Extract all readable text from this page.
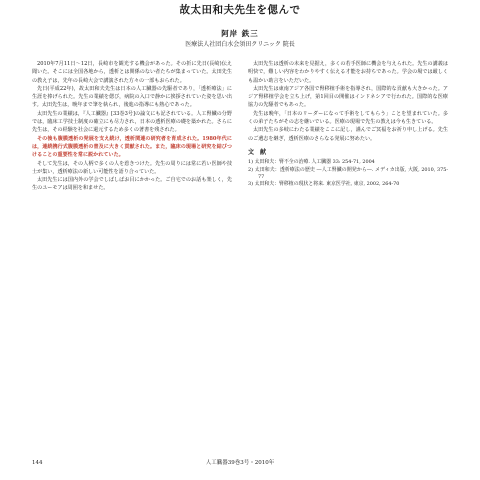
故太田和夫先生を偲んで
阿岸 鉄三
医療法人社団白水会須田クリニック 院長

2010年7月11日〜12日，長崎市を観光する機会があった。その折に先日(長崎)伝え聞いた。そこには全国各地から，透析とは関係のない者たちが集まっていた。太田先生の教え子は，先年の長崎大会で講演された方々の一部もおられた。

先日(平成22年)，故太田和夫先生は日本の人工臓器の先駆者であり，「透析療法」に生涯を捧げられた。先生の業績を偲び，病院の入口で静かに挨拶されていた姿を思い出す。太田先生は，晩年まで筆を執られ，後進の指導にも熱心であった。

太田先生の業績は，『人工臓器』[33巻3号]の論文にも記されている。人工腎臓の分野では，臨床工学技士制度の確立にも尽力され，日本の透析医療の礎を築かれた。さらに先生は，その経験を社会に還元するため多くの著書を残された。

その後も腹膜透析の発展を支え続け，透析関連の研究者を育成された。1980年代には，連続携行式腹膜透析の普及に大きく貢献された。また，臨床の現場と研究を結びつけることの重要性を常に説かれていた。

そして先生は，その人柄で多くの人を惹きつけた。先生の周りには常に若い医師や技士が集い，透析療法の新しい可能性を語り合っていた。

太田先生には国内外の学会でしばしばお目にかかった。ご自宅でのお話も楽しく，先生のユーモアは周囲を和ませた。

太田先生は透析の未来を見据え，多くの若手医師に機会を与えられた。先生の講義は明快で，難しい内容をわかりやすく伝える才能をお持ちであった。学会の場では厳しくも温かい助言をいただいた。

太田先生は東南アジア各国で腎移植手術を指導され，国際的な貢献も大きかった。アジア腎移植学会を立ち上げ，第1回目の開催はインドネシアで行われた。国際的な医療協力の先駆者でもあった。

先生は晩年，「日本のリーダーになって手術をしてもらう」ことを望まれていた。多くの弟子たちがその志を継いでいる。医療の現場で先生の教えは今も生きている。

太田先生の多岐にわたる業績をここに記し，謹んでご冥福をお祈り申し上げる。先生のご遺志を継ぎ，透析医療のさらなる発展に努めたい。

文　献
1) 太田和夫：腎不全の治療. 人工臓器 33: 254-71, 2004
2) 太田和夫：透析療法の歴史 ―人工腎臓の開発から―. メディカ出版, 大阪, 2010, 375-77
3) 太田和夫：腎移植の現状と将来. 東京医学社, 東京, 2002, 264-70
144	人工臓器39巻3号・2010年
